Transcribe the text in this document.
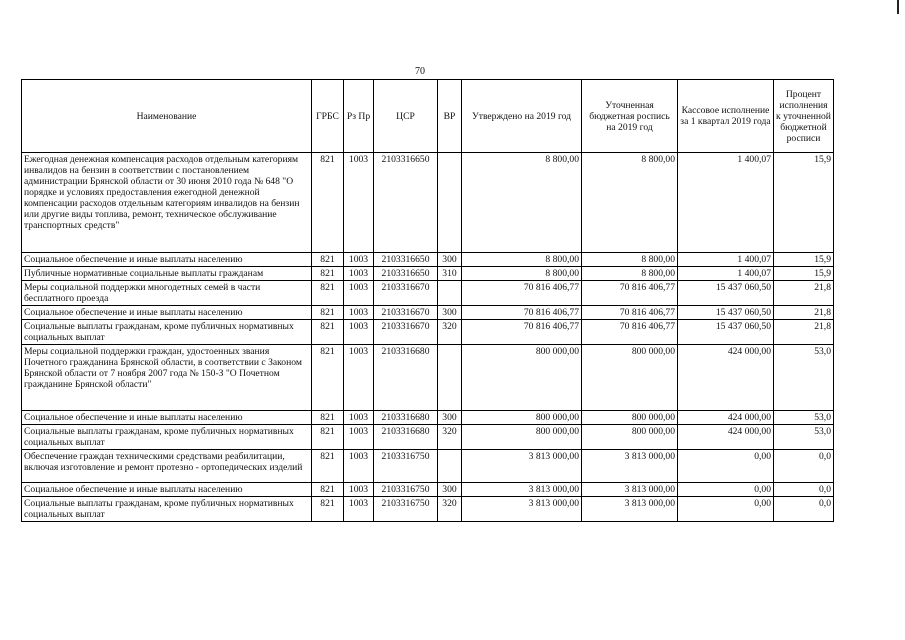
70
Наименование	ГРБС	Рз Пр	ЦСР	ВР	Утверждено на 2019 год	Уточненная бюджетная роспись на 2019 год	Кассовое исполнение за 1 квартал 2019 года	Процент исполнения к уточненной бюджетной росписи
Ежегодная денежная компенсация расходов отдельным категориям инвалидов на бензин в соответствии с постановлением администрации Брянской области от 30 июня 2010 года № 648 "О порядке и условиях предоставления ежегодной денежной компенсации расходов отдельным категориям инвалидов на бензин или другие виды топлива, ремонт, техническое обслуживание транспортных средств"	821	1003	2103316650		8 800,00	8 800,00	1 400,07	15,9
Социальное обеспечение и иные выплаты населению	821	1003	2103316650	300	8 800,00	8 800,00	1 400,07	15,9
Публичные нормативные социальные выплаты гражданам	821	1003	2103316650	310	8 800,00	8 800,00	1 400,07	15,9
Меры социальной поддержки многодетных семей в части бесплатного проезда	821	1003	2103316670		70 816 406,77	70 816 406,77	15 437 060,50	21,8
Социальное обеспечение и иные выплаты населению	821	1003	2103316670	300	70 816 406,77	70 816 406,77	15 437 060,50	21,8
Социальные выплаты гражданам, кроме публичных нормативных социальных выплат	821	1003	2103316670	320	70 816 406,77	70 816 406,77	15 437 060,50	21,8
Меры социальной поддержки граждан, удостоенных звания Почетного гражданина Брянской области, в соответствии с Законом Брянской области от 7 ноября 2007 года № 150-З "О Почетном гражданине Брянской области"	821	1003	2103316680		800 000,00	800 000,00	424 000,00	53,0
Социальное обеспечение и иные выплаты населению	821	1003	2103316680	300	800 000,00	800 000,00	424 000,00	53,0
Социальные выплаты гражданам, кроме публичных нормативных социальных выплат	821	1003	2103316680	320	800 000,00	800 000,00	424 000,00	53,0
Обеспечение граждан техническими средствами реабилитации, включая изготовление и ремонт протезно - ортопедических изделий	821	1003	2103316750		3 813 000,00	3 813 000,00	0,00	0,0
Социальное обеспечение и иные выплаты населению	821	1003	2103316750	300	3 813 000,00	3 813 000,00	0,00	0,0
Социальные выплаты гражданам, кроме публичных нормативных социальных выплат	821	1003	2103316750	320	3 813 000,00	3 813 000,00	0,00	0,0
